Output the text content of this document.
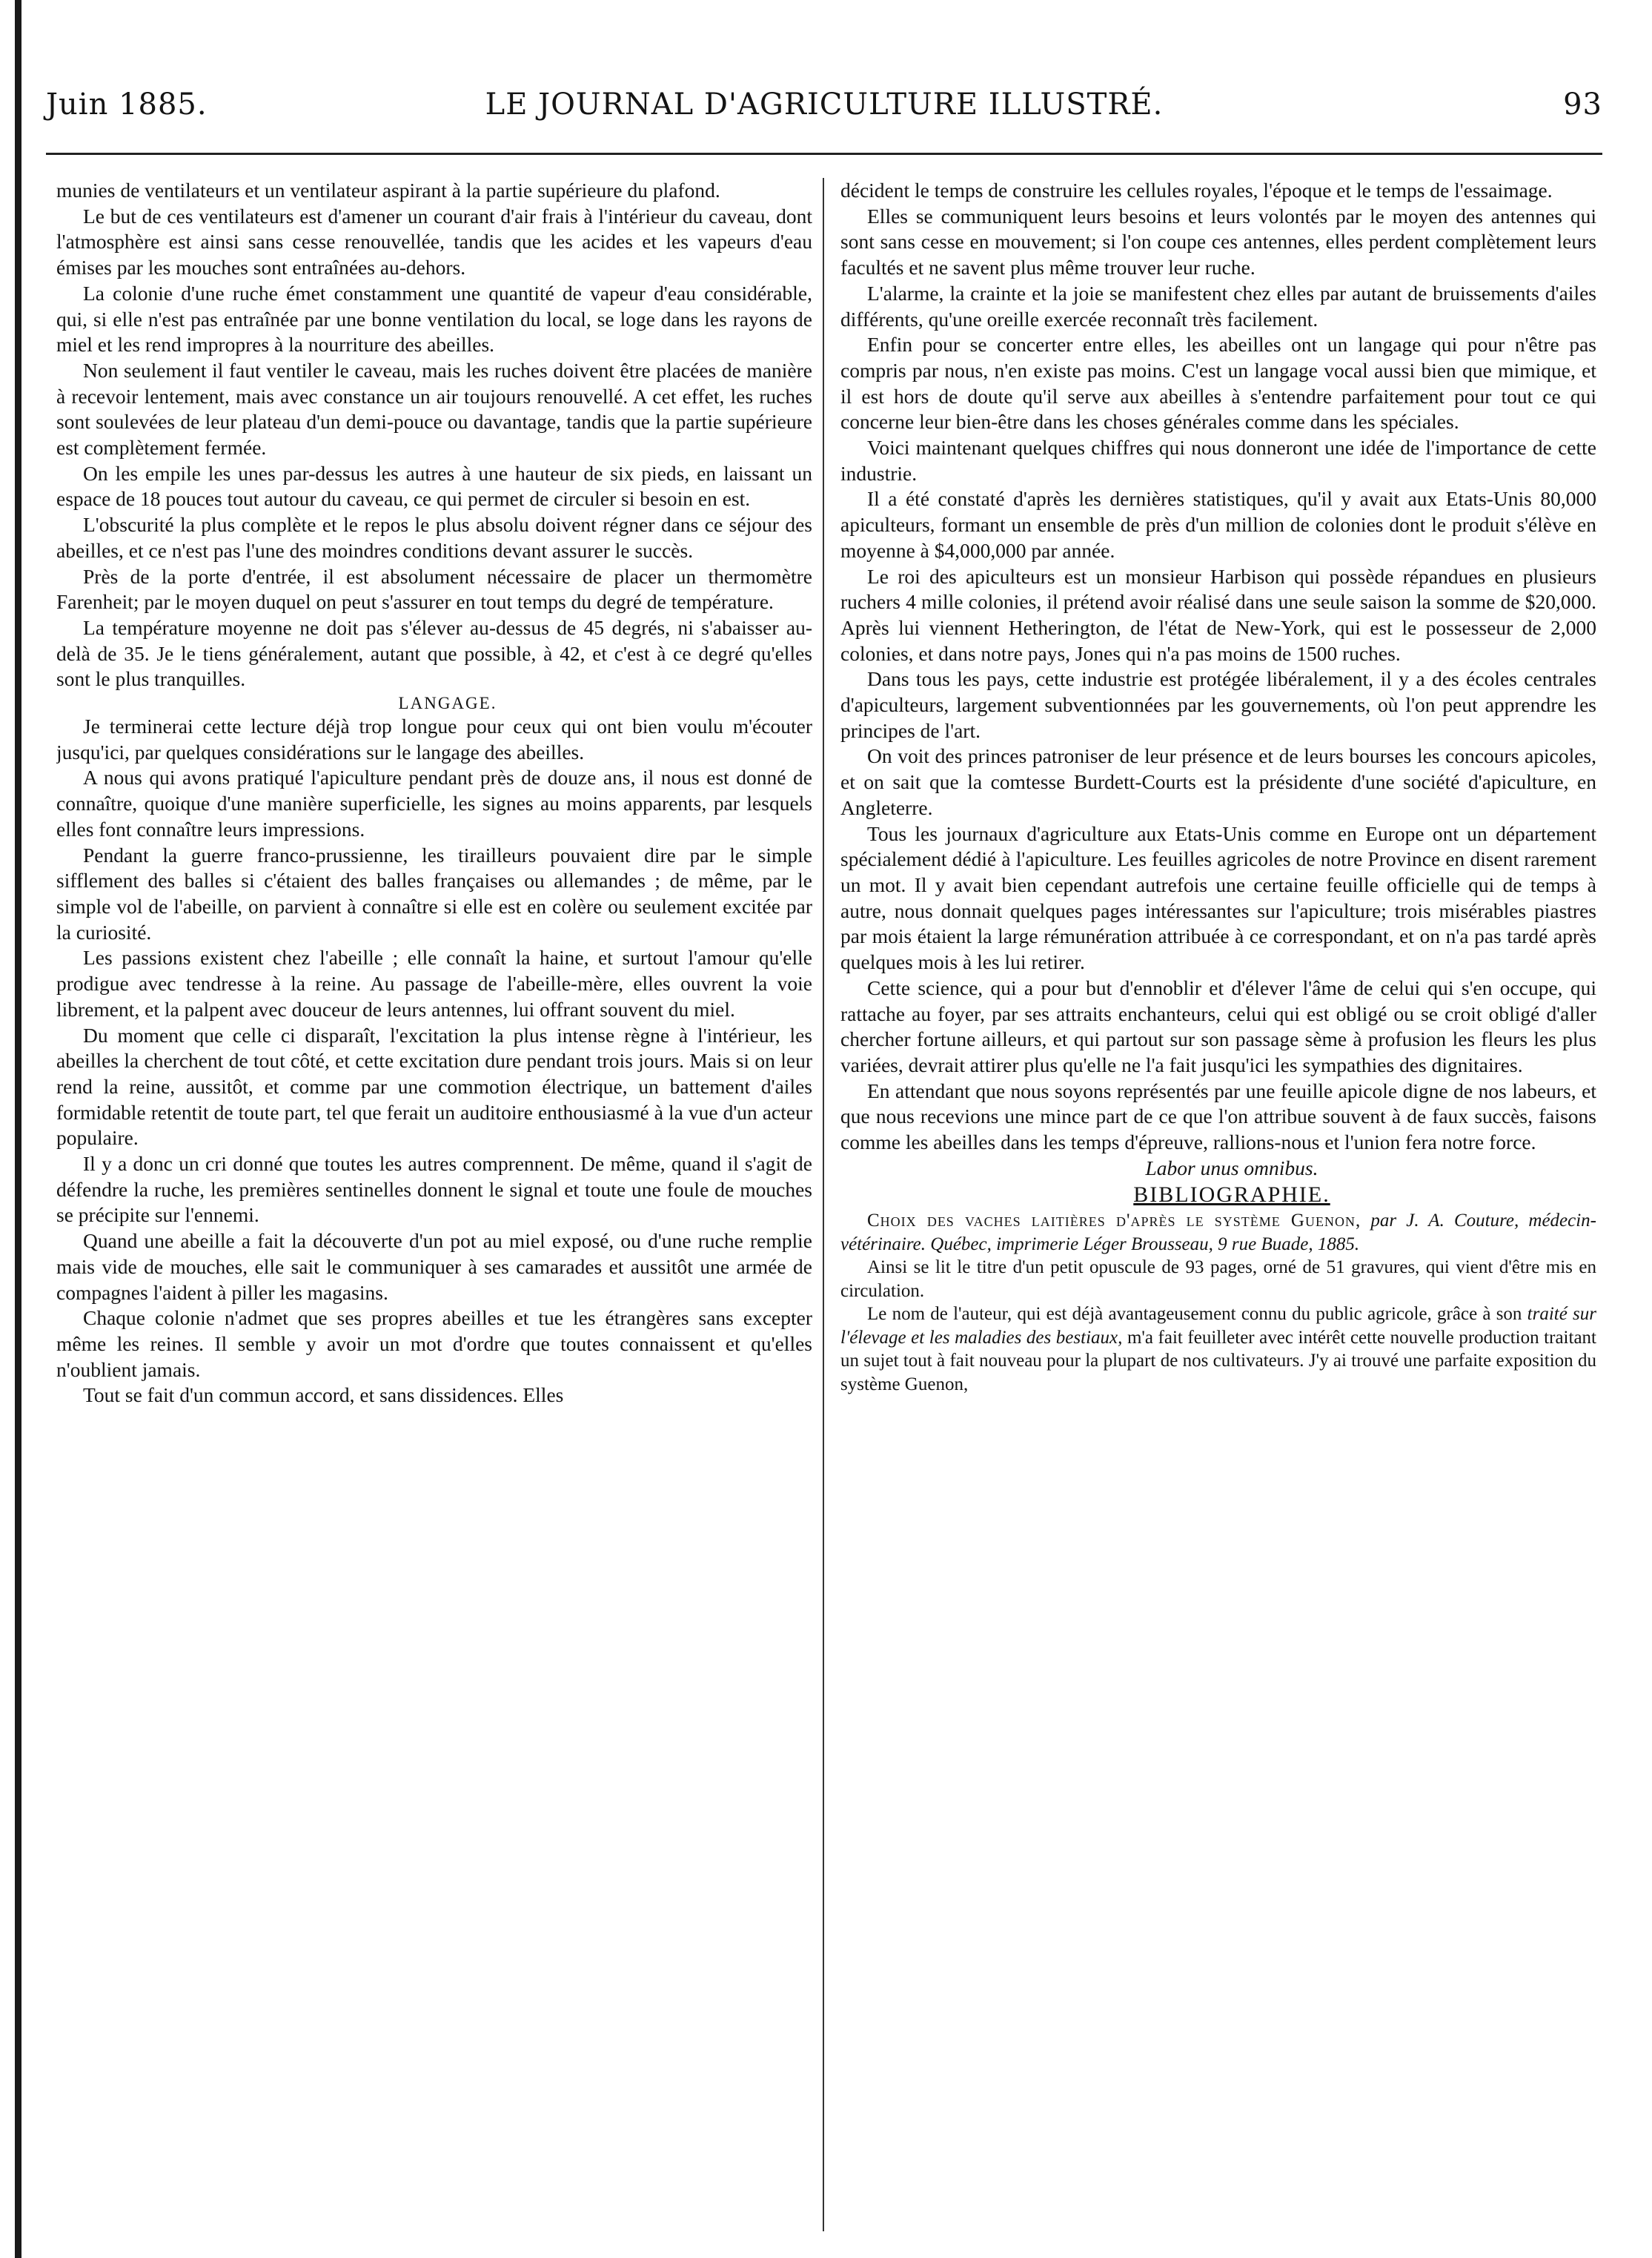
LE JOURNAL D'AGRICULTURE ILLUSTRÉ.
Juin 1885.	93

munies de ventilateurs et un ventilateur aspirant à la partie supérieure du plafond.

Le but de ces ventilateurs est d'amener un courant d'air frais à l'intérieur du caveau, dont l'atmosphère est ainsi sans cesse renouvellée, tandis que les acides et les vapeurs d'eau émises par les mouches sont entraînées au-dehors.

La colonie d'une ruche émet constamment une quantité de vapeur d'eau considérable, qui, si elle n'est pas entraînée par une bonne ventilation du local, se loge dans les rayons de miel et les rend impropres à la nourriture des abeilles.

Non seulement il faut ventiler le caveau, mais les ruches doivent être placées de manière à recevoir lentement, mais avec constance un air toujours renouvellé. A cet effet, les ruches sont soulevées de leur plateau d'un demi-pouce ou davantage, tandis que la partie supérieure est complètement fermée.

On les empile les unes par-dessus les autres à une hauteur de six pieds, en laissant un espace de 18 pouces tout autour du caveau, ce qui permet de circuler si besoin en est.

L'obscurité la plus complète et le repos le plus absolu doivent régner dans ce séjour des abeilles, et ce n'est pas l'une des moindres conditions devant assurer le succès.

Près de la porte d'entrée, il est absolument nécessaire de placer un thermomètre Farenheit; par le moyen duquel on peut s'assurer en tout temps du degré de température.

La température moyenne ne doit pas s'élever au-dessus de 45 degrés, ni s'abaisser au-delà de 35. Je le tiens généralement, autant que possible, à 42, et c'est à ce degré qu'elles sont le plus tranquilles.

LANGAGE.

Je terminerai cette lecture déjà trop longue pour ceux qui ont bien voulu m'écouter jusqu'ici, par quelques considérations sur le langage des abeilles.

A nous qui avons pratiqué l'apiculture pendant près de douze ans, il nous est donné de connaître, quoique d'une manière superficielle, les signes au moins apparents, par lesquels elles font connaître leurs impressions.

Pendant la guerre franco-prussienne, les tirailleurs pouvaient dire par le simple sifflement des balles si c'étaient des balles françaises ou allemandes ; de même, par le simple vol de l'abeille, on parvient à connaître si elle est en colère ou seulement excitée par la curiosité.

Les passions existent chez l'abeille ; elle connaît la haine, et surtout l'amour qu'elle prodigue avec tendresse à la reine. Au passage de l'abeille-mère, elles ouvrent la voie librement, et la palpent avec douceur de leurs antennes, lui offrant souvent du miel.

Du moment que celle ci disparaît, l'excitation la plus intense règne à l'intérieur, les abeilles la cherchent de tout côté, et cette excitation dure pendant trois jours. Mais si on leur rend la reine, aussitôt, et comme par une commotion électrique, un battement d'ailes formidable retentit de toute part, tel que ferait un auditoire enthousiasmé à la vue d'un acteur populaire.

Il y a donc un cri donné que toutes les autres comprennent. De même, quand il s'agit de défendre la ruche, les premières sentinelles donnent le signal et toute une foule de mouches se précipite sur l'ennemi.

Quand une abeille a fait la découverte d'un pot au miel exposé, ou d'une ruche remplie mais vide de mouches, elle sait le communiquer à ses camarades et aussitôt une armée de compagnes l'aident à piller les magasins.

Chaque colonie n'admet que ses propres abeilles et tue les étrangères sans excepter même les reines. Il semble y avoir un mot d'ordre que toutes connaissent et qu'elles n'oublient jamais.

Tout se fait d'un commun accord, et sans dissidences. Elles

décident le temps de construire les cellules royales, l'époque et le temps de l'essaimage.

Elles se communiquent leurs besoins et leurs volontés par le moyen des antennes qui sont sans cesse en mouvement; si l'on coupe ces antennes, elles perdent complètement leurs facultés et ne savent plus même trouver leur ruche.

L'alarme, la crainte et la joie se manifestent chez elles par autant de bruissements d'ailes différents, qu'une oreille exercée reconnaît très facilement.

Enfin pour se concerter entre elles, les abeilles ont un langage qui pour n'être pas compris par nous, n'en existe pas moins. C'est un langage vocal aussi bien que mimique, et il est hors de doute qu'il serve aux abeilles à s'entendre parfaitement pour tout ce qui concerne leur bien-être dans les choses générales comme dans les spéciales.

Voici maintenant quelques chiffres qui nous donneront une idée de l'importance de cette industrie.

Il a été constaté d'après les dernières statistiques, qu'il y avait aux Etats-Unis 80,000 apiculteurs, formant un ensemble de près d'un million de colonies dont le produit s'élève en moyenne à $4,000,000 par année.

Le roi des apiculteurs est un monsieur Harbison qui possède répandues en plusieurs ruchers 4 mille colonies, il prétend avoir réalisé dans une seule saison la somme de $20,000. Après lui viennent Hetherington, de l'état de New-York, qui est le possesseur de 2,000 colonies, et dans notre pays, Jones qui n'a pas moins de 1500 ruches.

Dans tous les pays, cette industrie est protégée libéralement, il y a des écoles centrales d'apiculteurs, largement subventionnées par les gouvernements, où l'on peut apprendre les principes de l'art.

On voit des princes patroniser de leur présence et de leurs bourses les concours apicoles, et on sait que la comtesse Burdett-Courts est la présidente d'une société d'apiculture, en Angleterre.

Tous les journaux d'agriculture aux Etats-Unis comme en Europe ont un département spécialement dédié à l'apiculture. Les feuilles agricoles de notre Province en disent rarement un mot. Il y avait bien cependant autrefois une certaine feuille officielle qui de temps à autre, nous donnait quelques pages intéressantes sur l'apiculture; trois misérables piastres par mois étaient la large rémunération attribuée à ce correspondant, et on n'a pas tardé après quelques mois à les lui retirer.

Cette science, qui a pour but d'ennoblir et d'élever l'âme de celui qui s'en occupe, qui rattache au foyer, par ses attraits enchanteurs, celui qui est obligé ou se croit obligé d'aller chercher fortune ailleurs, et qui partout sur son passage sème à profusion les fleurs les plus variées, devrait attirer plus qu'elle ne l'a fait jusqu'ici les sympathies des dignitaires.

En attendant que nous soyons représentés par une feuille apicole digne de nos labeurs, et que nous recevions une mince part de ce que l'on attribue souvent à de faux succès, faisons comme les abeilles dans les temps d'épreuve, rallions-nous et l'union fera notre force.

Labor unus omnibus.

BIBLIOGRAPHIE.

Choix des vaches laitières d'après le système Guenon, par J. A. Couture, médecin-vétérinaire. Québec, imprimerie Léger Brousseau, 9 rue Buade, 1885.

Ainsi se lit le titre d'un petit opuscule de 93 pages, orné de 51 gravures, qui vient d'être mis en circulation.

Le nom de l'auteur, qui est déjà avantageusement connu du public agricole, grâce à son traité sur l'élevage et les maladies des bestiaux, m'a fait feuilleter avec intérêt cette nouvelle production traitant un sujet tout à fait nouveau pour la plupart de nos cultivateurs. J'y ai trouvé une parfaite exposition du système Guenon,
